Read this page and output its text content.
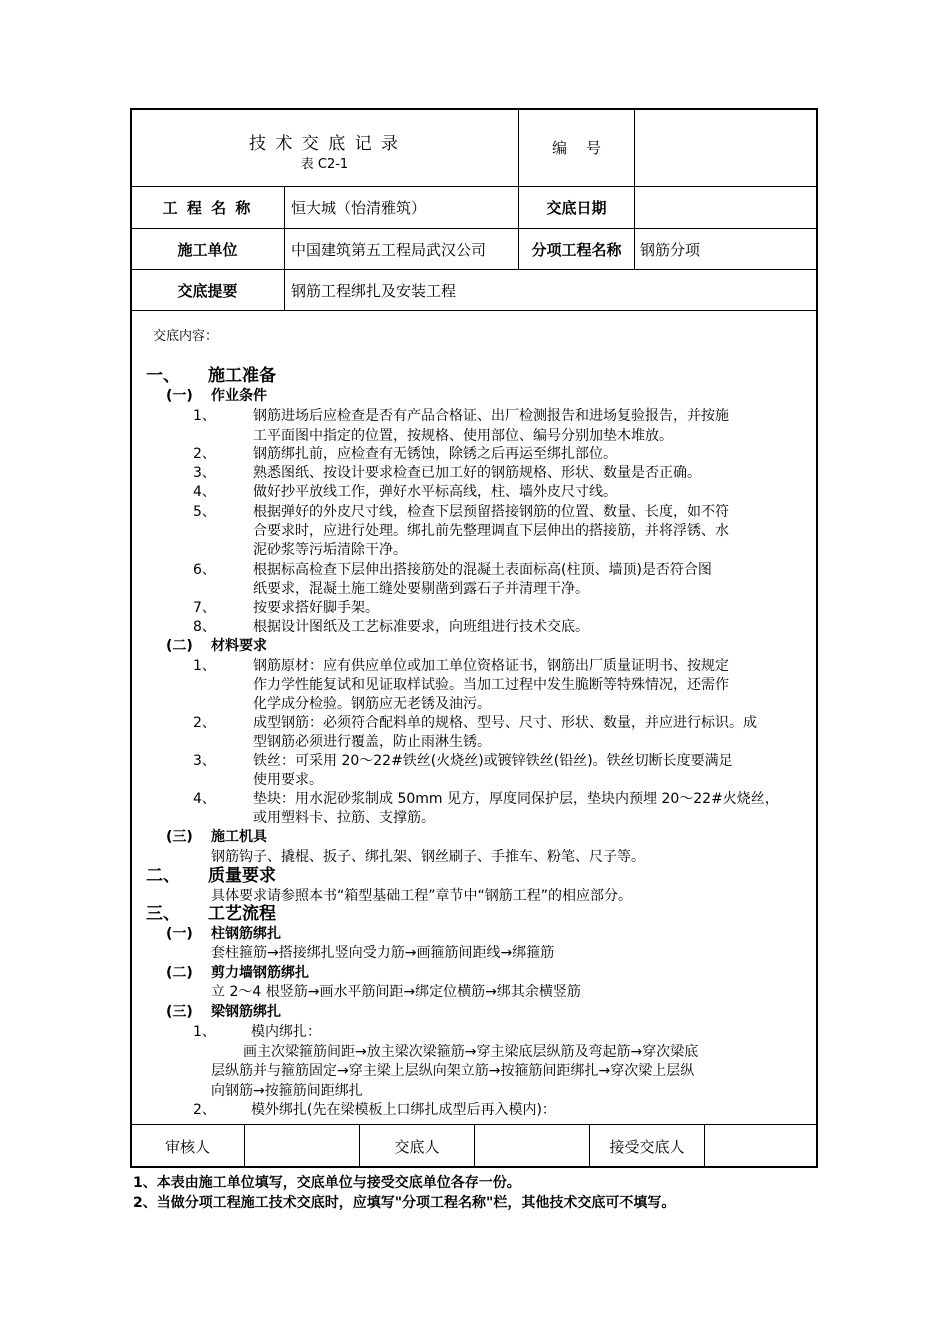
技 术 交 底 记 录
表 C2-1
编    号
工 程 名 称	恒大城（怡清雅筑）	交底日期
施工单位	中国建筑第五工程局武汉公司	分项工程名称	钢筋分项
交底提要	钢筋工程绑扎及安装工程
交底内容：
一、 施工准备
(一) 作业条件
1、	钢筋进场后应检查是否有产品合格证、出厂检测报告和进场复验报告，并按施
工平面图中指定的位置，按规格、使用部位、编号分别加垫木堆放。
2、	钢筋绑扎前，应检查有无锈蚀，除锈之后再运至绑扎部位。
3、	熟悉图纸、按设计要求检查已加工好的钢筋规格、形状、数量是否正确。
4、	做好抄平放线工作，弹好水平标高线，柱、墙外皮尺寸线。
5、	根据弹好的外皮尺寸线，检查下层预留搭接钢筋的位置、数量、长度，如不符
合要求时，应进行处理。绑扎前先整理调直下层伸出的搭接筋，并将浮锈、水
泥砂浆等污垢清除干净。
6、	根据标高检查下层伸出搭接筋处的混凝土表面标高(柱顶、墙顶)是否符合图
纸要求，混凝土施工缝处要剔凿到露石子并清理干净。
7、	按要求搭好脚手架。
8、	根据设计图纸及工艺标准要求，向班组进行技术交底。
(二) 材料要求
1、	钢筋原材：应有供应单位或加工单位资格证书，钢筋出厂质量证明书、按规定
作力学性能复试和见证取样试验。当加工过程中发生脆断等特殊情况，还需作
化学成分检验。钢筋应无老锈及油污。
2、	成型钢筋：必须符合配料单的规格、型号、尺寸、形状、数量，并应进行标识。成
型钢筋必须进行覆盖，防止雨淋生锈。
3、	铁丝：可采用 20～22#铁丝(火烧丝)或镀锌铁丝(铅丝)。铁丝切断长度要满足
使用要求。
4、	垫块：用水泥砂浆制成 50mm 见方，厚度同保护层，垫块内预埋 20～22#火烧丝，
或用塑料卡、拉筋、支撑筋。
(三) 施工机具
钢筋钩子、撬棍、扳子、绑扎架、钢丝刷子、手推车、粉笔、尺子等。
二、 质量要求
具体要求请参照本书“箱型基础工程”章节中“钢筋工程”的相应部分。
三、 工艺流程
(一) 柱钢筋绑扎
套柱箍筋→搭接绑扎竖向受力筋→画箍筋间距线→绑箍筋
(二) 剪力墙钢筋绑扎
立 2～4 根竖筋→画水平筋间距→绑定位横筋→绑其余横竖筋
(三) 梁钢筋绑扎
1、	模内绑扎：
画主次梁箍筋间距→放主梁次梁箍筋→穿主梁底层纵筋及弯起筋→穿次梁底
层纵筋并与箍筋固定→穿主梁上层纵向架立筋→按箍筋间距绑扎→穿次梁上层纵
向钢筋→按箍筋间距绑扎
2、	模外绑扎(先在梁模板上口绑扎成型后再入模内)：
审核人	交底人	接受交底人
1、本表由施工单位填写，交底单位与接受交底单位各存一份。
2、当做分项工程施工技术交底时，应填写"分项工程名称"栏，其他技术交底可不填写。
